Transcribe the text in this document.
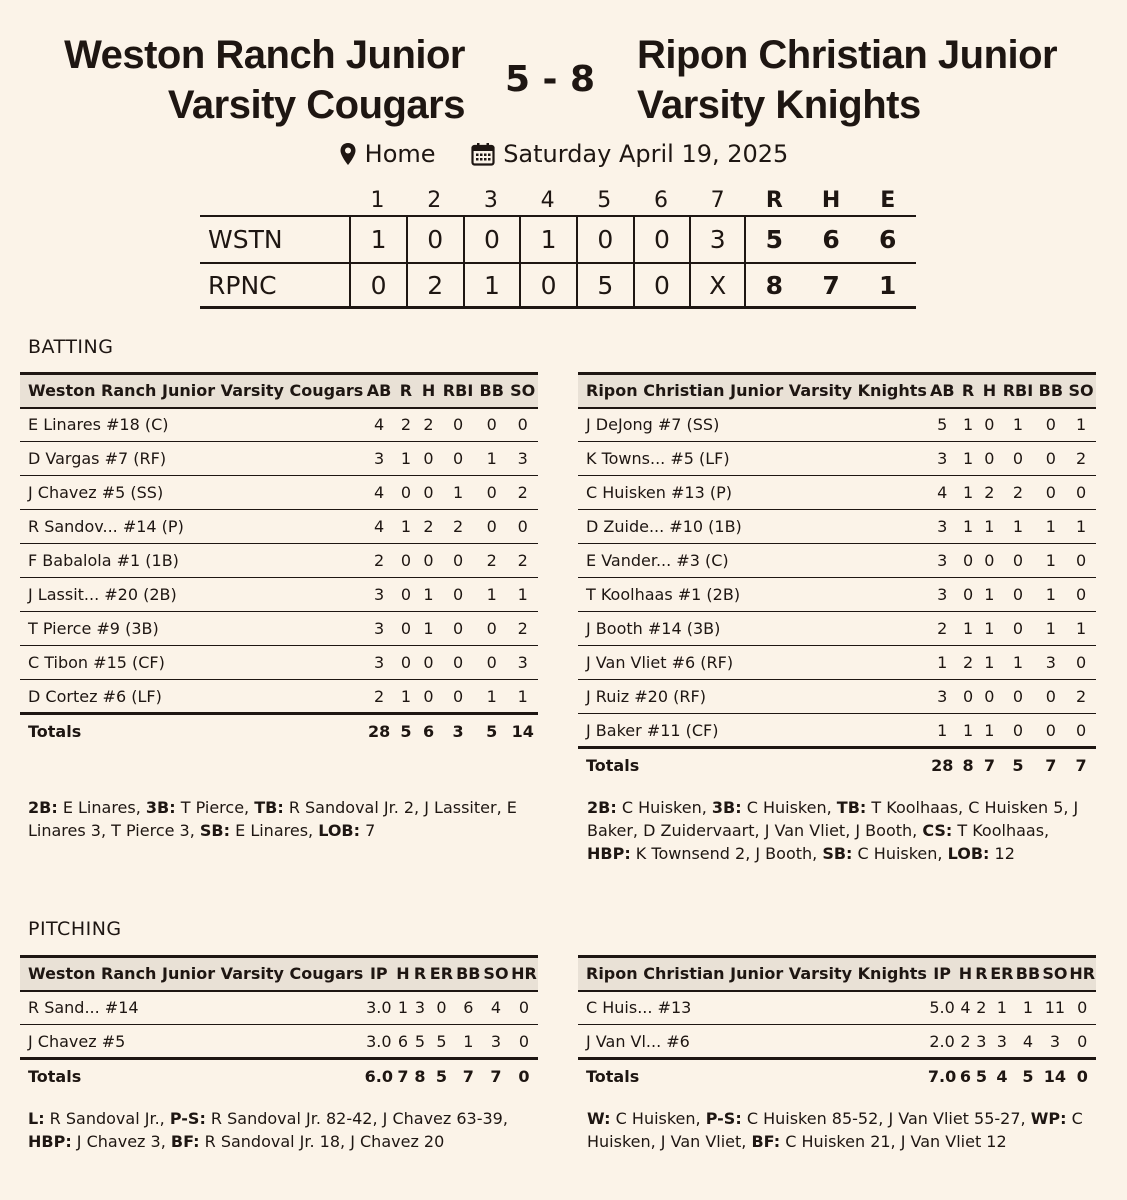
Weston Ranch Junior
Varsity Cougars
5 - 8
Ripon Christian Junior
Varsity Knights
Home
	Saturday April 19, 2025
1	2	3	4	5	6	7	R	H	E
WSTN	1	0	0	1	0	0	3	5	6	6
RPNC	0	2	1	0	5	0	X	8	7	1
BATTING
Weston Ranch Junior Varsity Cougars	AB	R	H	RBI	BB	SO
E Linares #18 (C)	4	2	2	0	0	0
D Vargas #7 (RF)	3	1	0	0	1	3
J Chavez #5 (SS)	4	0	0	1	0	2
R Sandov... #14 (P)	4	1	2	2	0	0
F Babalola #1 (1B)	2	0	0	0	2	2
J Lassit... #20 (2B)	3	0	1	0	1	1
T Pierce #9 (3B)	3	0	1	0	0	2
C Tibon #15 (CF)	3	0	0	0	0	3
D Cortez #6 (LF)	2	1	0	0	1	1
Totals	28	5	6	3	5	14
Ripon Christian Junior Varsity Knights	AB	R	H	RBI	BB	SO
J DeJong #7 (SS)	5	1	0	1	0	1
K Towns... #5 (LF)	3	1	0	0	0	2
C Huisken #13 (P)	4	1	2	2	0	0
D Zuide... #10 (1B)	3	1	1	1	1	1
E Vander... #3 (C)	3	0	0	0	1	0
T Koolhaas #1 (2B)	3	0	1	0	1	0
J Booth #14 (3B)	2	1	1	0	1	1
J Van Vliet #6 (RF)	1	2	1	1	3	0
J Ruiz #20 (RF)	3	0	0	0	0	2
J Baker #11 (CF)	1	1	1	0	0	0
Totals	28	8	7	5	7	7
2B: E Linares, 3B: T Pierce, TB: R Sandoval Jr. 2, J Lassiter, E Linares 3, T Pierce 3, SB: E Linares, LOB: 7
2B: C Huisken, 3B: C Huisken, TB: T Koolhaas, C Huisken 5, J Baker, D Zuidervaart, J Van Vliet, J Booth, CS: T Koolhaas, HBP: K Townsend 2, J Booth, SB: C Huisken, LOB: 12
PITCHING
Weston Ranch Junior Varsity Cougars	IP	H	R	ER	BB	SO	HR
R Sand... #14	3.0	1	3	0	6	4	0
J Chavez #5	3.0	6	5	5	1	3	0
Totals	6.0	7	8	5	7	7	0
Ripon Christian Junior Varsity Knights	IP	H	R	ER	BB	SO	HR
C Huis... #13	5.0	4	2	1	1	11	0
J Van Vl... #6	2.0	2	3	3	4	3	0
Totals	7.0	6	5	4	5	14	0
L: R Sandoval Jr., P-S: R Sandoval Jr. 82-42, J Chavez 63-39, HBP: J Chavez 3, BF: R Sandoval Jr. 18, J Chavez 20
W: C Huisken, P-S: C Huisken 85-52, J Van Vliet 55-27, WP: C Huisken, J Van Vliet, BF: C Huisken 21, J Van Vliet 12
